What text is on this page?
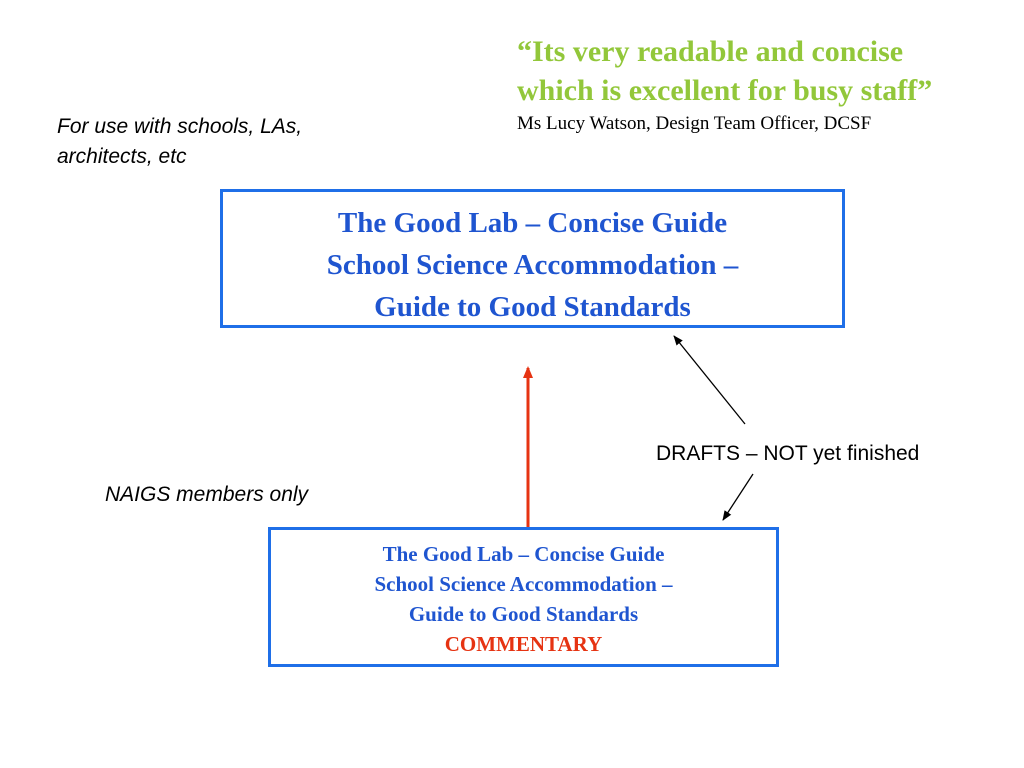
“Its very readable and concise
which is excellent for busy staff”
Ms Lucy Watson, Design Team Officer, DCSF
For use with schools, LAs,
architects, etc
The Good Lab – Concise Guide
School Science Accommodation –
Guide to Good Standards
The Good Lab – Concise Guide
School Science Accommodation –
Guide to Good Standards
COMMENTARY
DRAFTS – NOT yet finished
NAIGS members only
